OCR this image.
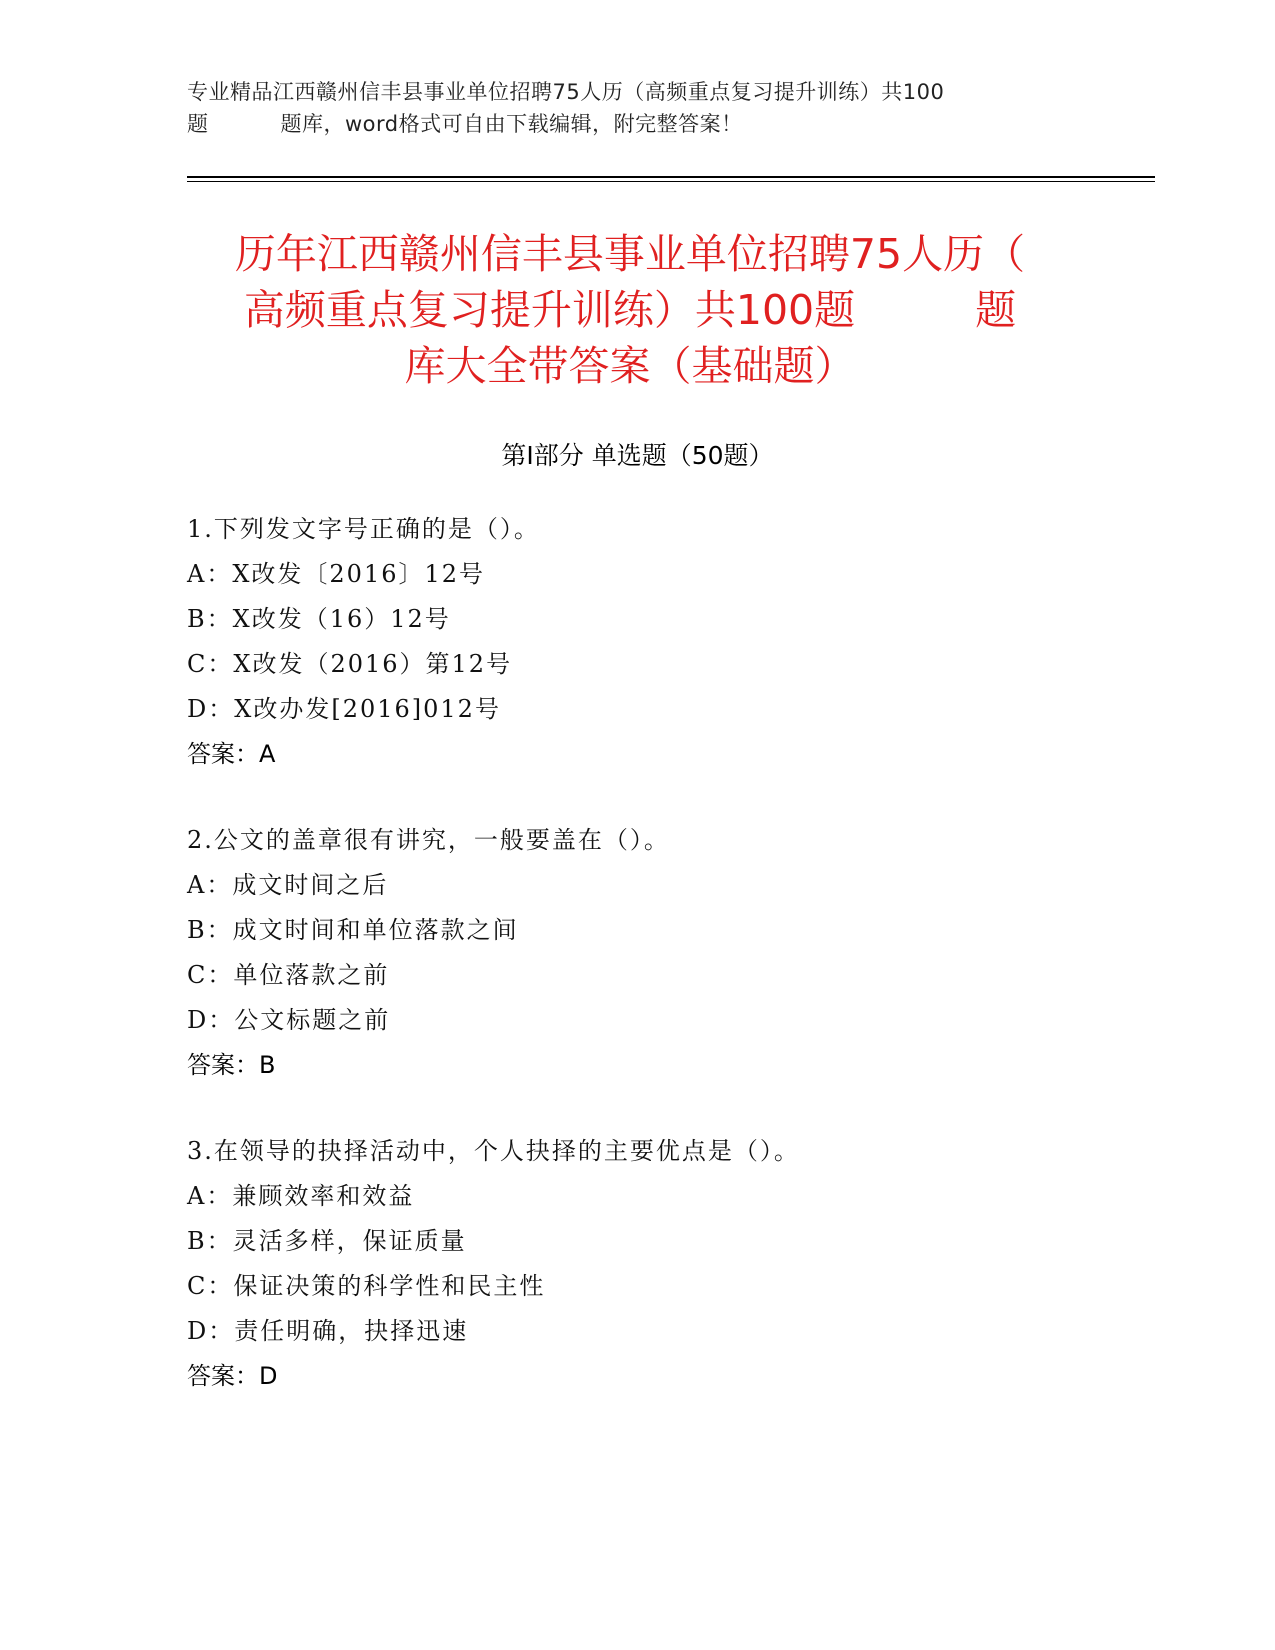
专业精品江西赣州信丰县事业单位招聘75人历（高频重点复习提升训练）共100
题	题库，word格式可自由下载编辑，附完整答案！
历年江西赣州信丰县事业单位招聘75人历（
高频重点复习提升训练）共100题	题
库大全带答案（基础题）
第Ⅰ部分 单选题（50题）
1.下列发文字号正确的是（）。
A：X改发〔2016〕12号
B：X改发（16）12号
C：X改发（2016）第12号
D：X改办发[2016]012号
答案：A
2.公文的盖章很有讲究，一般要盖在（）。
A：成文时间之后
B：成文时间和单位落款之间
C：单位落款之前
D：公文标题之前
答案：B
3.在领导的抉择活动中，个人抉择的主要优点是（）。
A：兼顾效率和效益
B：灵活多样，保证质量
C：保证决策的科学性和民主性
D：责任明确，抉择迅速
答案：D
